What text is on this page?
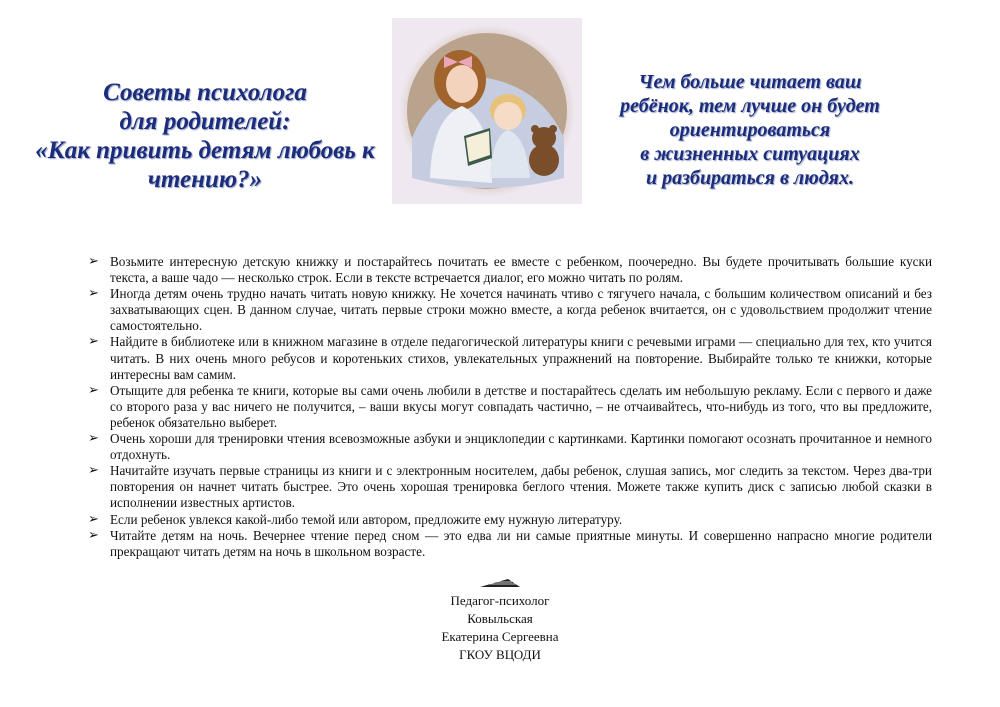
Советы психолога
для родителей:
«Как привить детям любовь к
чтению?»
Чем больше читает ваш
ребёнок, тем лучше он будет
ориентироваться
в жизненных ситуациях
и разбираться в людях.
➢ Возьмите интересную детскую книжку и постарайтесь почитать ее вместе с ребенком, поочередно. Вы будете прочитывать большие куски текста, а ваше чадо — несколько строк. Если в тексте встречается диалог, его можно читать по ролям.
➢ Иногда детям очень трудно начать читать новую книжку. Не хочется начинать чтиво с тягучего начала, с большим количеством описаний и без захватывающих сцен. В данном случае, читать первые строки можно вместе, а когда ребенок вчитается, он с удовольствием продолжит чтение самостоятельно.
➢ Найдите в библиотеке или в книжном магазине в отделе педагогической литературы книги с речевыми играми — специально для тех, кто учится читать. В них очень много ребусов и коротеньких стихов, увлекательных упражнений на повторение. Выбирайте только те книжки, которые интересны вам самим.
➢ Отыщите для ребенка те книги, которые вы сами очень любили в детстве и постарайтесь сделать им небольшую рекламу. Если с первого и даже со второго раза у вас ничего не получится, – ваши вкусы могут совпадать частично, – не отчаивайтесь, что-нибудь из того, что вы предложите, ребенок обязательно выберет.
➢ Очень хороши для тренировки чтения всевозможные азбуки и энциклопедии с картинками. Картинки помогают осознать прочитанное и немного отдохнуть.
➢ Начитайте изучать первые страницы из книги и с электронным носителем, дабы ребенок, слушая запись, мог следить за текстом. Через два-три повторения он начнет читать быстрее. Это очень хорошая тренировка беглого чтения. Можете также купить диск с записью любой сказки в исполнении известных артистов.
➢ Если ребенок увлекся какой-либо темой или автором, предложите ему нужную литературу.
➢ Читайте детям на ночь. Вечернее чтение перед сном — это едва ли ни самые приятные минуты. И совершенно напрасно многие родители прекращают читать детям на ночь в школьном возрасте.
Педагог-психолог
Ковыльская
Екатерина Сергеевна
ГКОУ ВЦОДИ
